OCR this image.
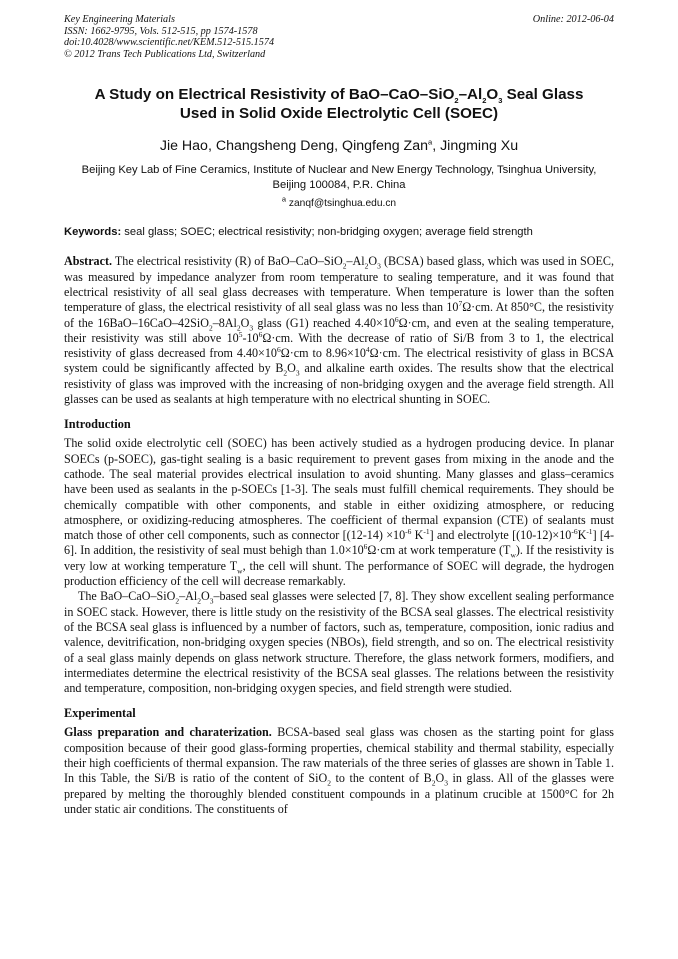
Key Engineering Materials
ISSN: 1662-9795, Vols. 512-515, pp 1574-1578
doi:10.4028/www.scientific.net/KEM.512-515.1574
© 2012 Trans Tech Publications Ltd, Switzerland
Online: 2012-06-04
A Study on Electrical Resistivity of BaO–$CaO-SiO_2-Al_2O_3$ Seal Glass Used in Solid Oxide Electrolytic Cell (SOEC)
Jie Hao, Changsheng Deng, Qingfeng Zan$^a$, Jingming Xu
Beijing Key Lab of Fine Ceramics, Institute of Nuclear and New Energy Technology, Tsinghua University, Beijing 100084, P.R. China
$^a$ zanqf@tsinghua.edu.cn
Keywords: seal glass; SOEC; electrical resistivity; non-bridging oxygen; average field strength

Abstract. The electrical resistivity (R) of BaO–$CaO-SiO_2-Al_2O_3$ (BCSA) based glass, which was used in SOEC, was measured by impedance analyzer from room temperature to sealing temperature, and it was found that electrical resistivity of all seal glass decreases with temperature. When temperature is lower than the soften temperature of glass, the electrical resistivity of all seal glass was no less than $10^7\Omega\cdot cm$. At 850°C, the resistivity of the $16BaO-16CaO-42SiO_2-8Al_2O_3$ glass (G1) reached $4.40\times 10^6\Omega\cdot cm$, and even at the sealing temperature, their resistivity was still above $10^5-10^6\Omega\cdot cm$. With the decrease of ratio of Si/B from 3 to 1, the electrical resistivity of glass decreased from $4.40\times 10^6\Omega\cdot cm$ to $8.96\times 10^4\Omega\cdot cm$. The electrical resistivity of glass in BCSA system could be significantly affected by $B_2O_3$ and alkaline earth oxides. The results show that the electrical resistivity of glass was improved with the increasing of non-bridging oxygen and the average field strength. All glasses can be used as sealants at high temperature with no electrical shunting in SOEC.

Introduction

The solid oxide electrolytic cell (SOEC) has been actively studied as a hydrogen producing device. In planar SOECs (p-SOEC), gas-tight sealing is a basic requirement to prevent gases from mixing in the anode and the cathode. The seal material provides electrical insulation to avoid shunting. Many glasses and glass–ceramics have been used as sealants in the p-SOECs [1-3]. The seals must fulfill chemical requirements. They should be chemically compatible with other components, and stable in either oxidizing atmosphere, or reducing atmosphere, or oxidizing-reducing atmospheres. The coefficient of thermal expansion (CTE) of sealants must match those of other cell components, such as connector [$(12-14) \times 10^{-6}$ $K^{-1}$] and electrolyte $[(10-12)\times 10^{-6}K^{-1}]$ [4-6]. In addition, the resistivity of seal must behigh than $1.0\times 10^6\Omega\cdot cm$ at work temperature $(T_w)$. If the resistivity is very low at working temperature $T_w$, the cell will shunt. The performance of SOEC will degrade, the hydrogen production efficiency of the cell will decrease remarkably.

The BaO–$CaO-SiO_2-Al_2O_3$–based seal glasses were selected [7, 8]. They show excellent sealing performance in SOEC stack. However, there is little study on the resistivity of the BCSA seal glasses. The electrical resistivity of the BCSA seal glass is influenced by a number of factors, such as, temperature, composition, ionic radius and valence, devitrification, non-bridging oxygen species (NBOs), field strength, and so on. The electrical resistivity of a seal glass mainly depends on glass network structure. Therefore, the glass network formers, modifiers, and intermediates determine the electrical resistivity of the BCSA seal glasses. The relations between the resistivity and temperature, composition, non-bridging oxygen species, and field strength were studied.

Experimental

Glass preparation and charaterization. BCSA-based seal glass was chosen as the starting point for glass composition because of their good glass-forming properties, chemical stability and thermal stability, especially their high coefficients of thermal expansion. The raw materials of the three series of glasses are shown in Table 1. In this Table, the Si/B is ratio of the content of SiO$_2$ to the content of $B_2O_3$ in glass. All of the glasses were prepared by melting the thoroughly blended constituent compounds in a platinum crucible at 1500°C for 2h under static air conditions. The constituents of
